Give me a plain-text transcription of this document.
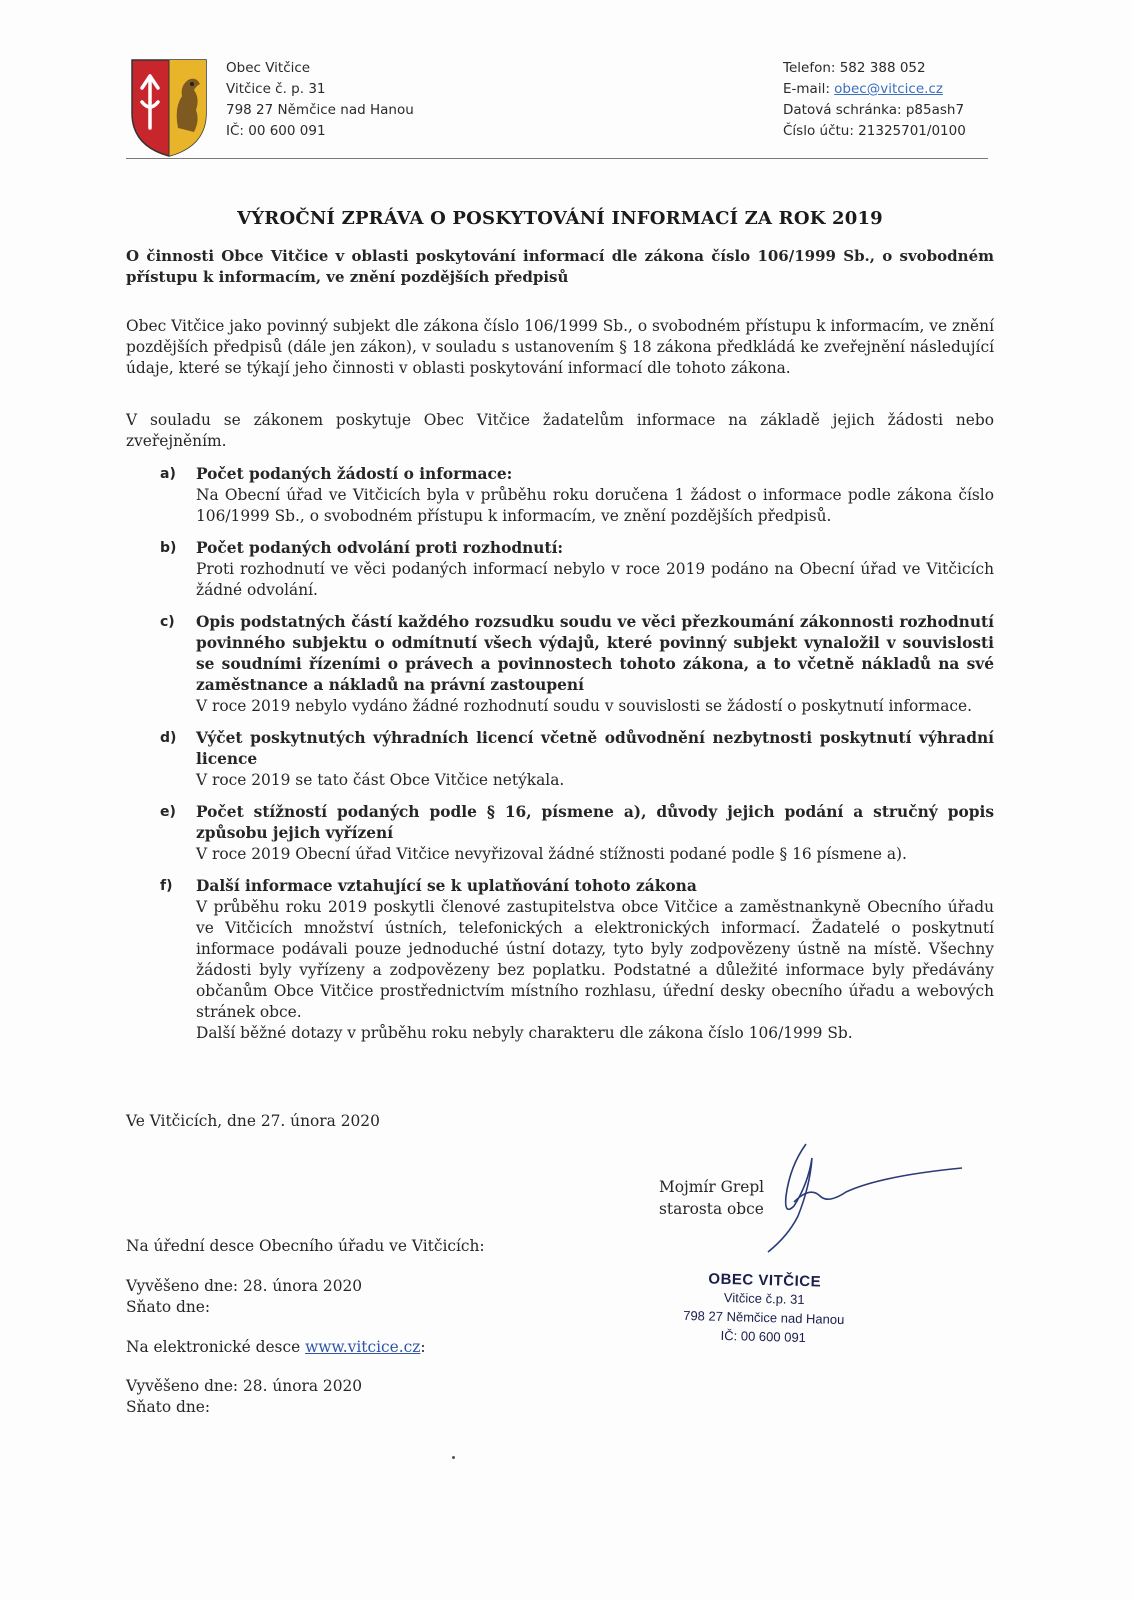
Obec Vitčice
Vitčice č. p. 31
798 27 Němčice nad Hanou
IČ: 00 600 091
Telefon: 582 388 052
E-mail: obec@vitcice.cz
Datová schránka: p85ash7
Číslo účtu: 21325701/0100
VÝROČNÍ ZPRÁVA O POSKYTOVÁNÍ INFORMACÍ ZA ROK 2019
O činnosti Obce Vitčice v oblasti poskytování informací dle zákona číslo 106/1999 Sb., o svobodném přístupu k informacím, ve znění pozdějších předpisů
Obec Vitčice jako povinný subjekt dle zákona číslo 106/1999 Sb., o svobodném přístupu k informacím, ve znění pozdějších předpisů (dále jen zákon), v souladu s ustanovením § 18 zákona předkládá ke zveřejnění následující údaje, které se týkají jeho činnosti v oblasti poskytování informací dle tohoto zákona.
V souladu se zákonem poskytuje Obec Vitčice žadatelům informace na základě jejich žádosti nebo zveřejněním.
a) Počet podaných žádostí o informace:
Na Obecní úřad ve Vitčicích byla v průběhu roku doručena 1 žádost o informace podle zákona číslo 106/1999 Sb., o svobodném přístupu k informacím, ve znění pozdějších předpisů.
b) Počet podaných odvolání proti rozhodnutí:
Proti rozhodnutí ve věci podaných informací nebylo v roce 2019 podáno na Obecní úřad ve Vitčicích žádné odvolání.
c) Opis podstatných částí každého rozsudku soudu ve věci přezkoumání zákonnosti rozhodnutí povinného subjektu o odmítnutí všech výdajů, které povinný subjekt vynaložil v souvislosti se soudními řízeními o právech a povinnostech tohoto zákona, a to včetně nákladů na své zaměstnance a nákladů na právní zastoupení
V roce 2019 nebylo vydáno žádné rozhodnutí soudu v souvislosti se žádostí o poskytnutí informace.
d) Výčet poskytnutých výhradních licencí včetně odůvodnění nezbytnosti poskytnutí výhradní licence
V roce 2019 se tato část Obce Vitčice netýkala.
e) Počet stížností podaných podle § 16, písmene a), důvody jejich podání a stručný popis způsobu jejich vyřízení
V roce 2019 Obecní úřad Vitčice nevyřizoval žádné stížnosti podané podle § 16 písmene a).
f) Další informace vztahující se k uplatňování tohoto zákona
V průběhu roku 2019 poskytli členové zastupitelstva obce Vitčice a zaměstnankyně Obecního úřadu ve Vitčicích množství ústních, telefonických a elektronických informací. Žadatelé o poskytnutí informace podávali pouze jednoduché ústní dotazy, tyto byly zodpovězeny ústně na místě. Všechny žádosti byly vyřízeny a zodpovězeny bez poplatku. Podstatné a důležité informace byly předávány občanům Obce Vitčice prostřednictvím místního rozhlasu, úřední desky obecního úřadu a webových stránek obce.
Další běžné dotazy v průběhu roku nebyly charakteru dle zákona číslo 106/1999 Sb.
Ve Vitčicích, dne 27. února 2020
Mojmír Grepl
starosta obce
Na úřední desce Obecního úřadu ve Vitčicích:
Vyvěšeno dne: 28. února 2020
Sňato dne:
Na elektronické desce www.vitcice.cz:
Vyvěšeno dne: 28. února 2020
Sňato dne:
OBEC VITČICE
Vitčice č.p. 31
798 27 Němčice nad Hanou
IČ: 00 600 091
